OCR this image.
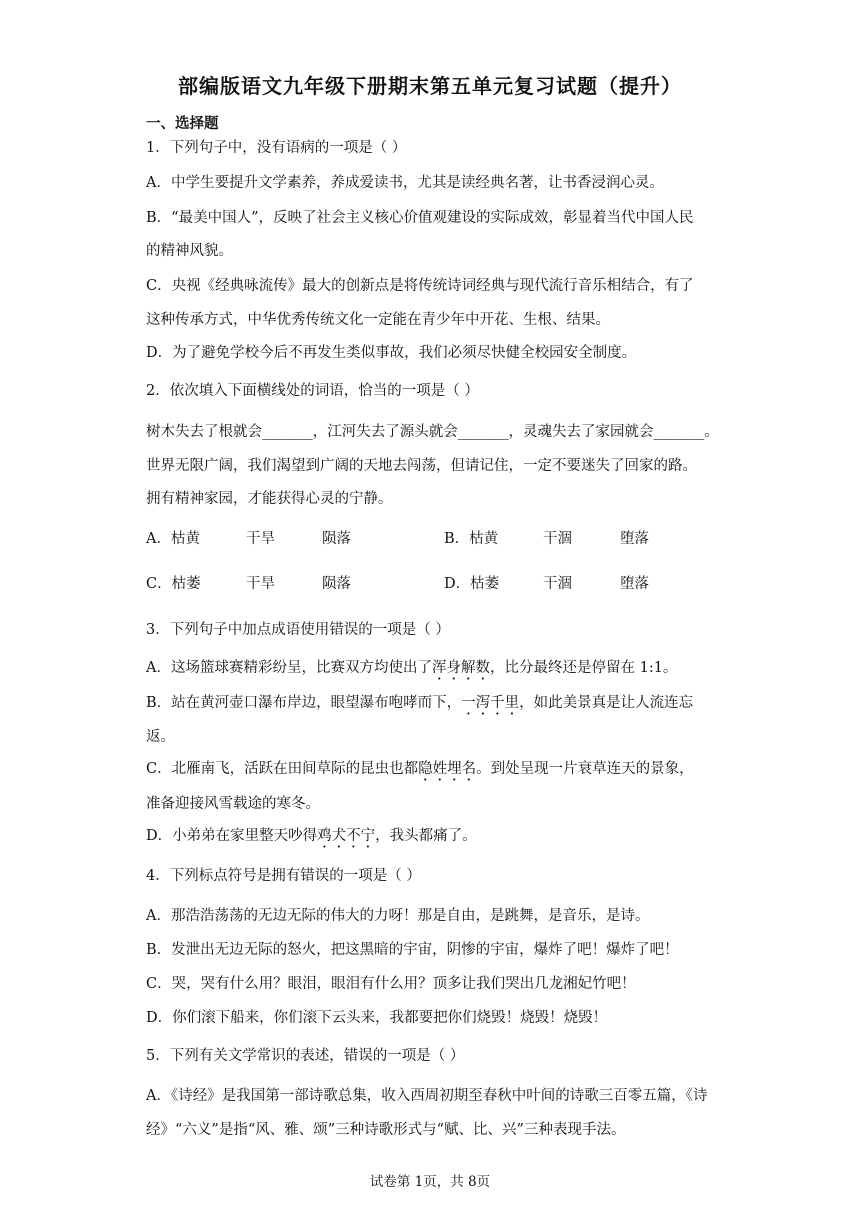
部编版语文九年级下册期末第五单元复习试题（提升）
一、选择题
1．下列句子中，没有语病的一项是（ ）
A．中学生要提升文学素养，养成爱读书，尤其是读经典名著，让书香浸润心灵。
B．“最美中国人”，反映了社会主义核心价值观建设的实际成效，彰显着当代中国人民
的精神风貌。
C．央视《经典咏流传》最大的创新点是将传统诗词经典与现代流行音乐相结合，有了
这种传承方式，中华优秀传统文化一定能在青少年中开花、生根、结果。
D．为了避免学校今后不再发生类似事故，我们必须尽快健全校园安全制度。
2．依次填入下面横线处的词语，恰当的一项是（ ）
树木失去了根就会_______，江河失去了源头就会_______，灵魂失去了家园就会_______。
世界无限广阔，我们渴望到广阔的天地去闯荡，但请记住，一定不要迷失了回家的路。
拥有精神家园，才能获得心灵的宁静。
A．枯黄	干旱	陨落	B．枯黄	干涸	堕落
C．枯萎	干旱	陨落	D．枯萎	干涸	堕落
3．下列句子中加点成语使用错误的一项是（ ）
A．这场篮球赛精彩纷呈，比赛双方均使出了浑身解数，比分最终还是停留在 1:1。
B．站在黄河壶口瀑布岸边，眼望瀑布咆哮而下，一泻千里，如此美景真是让人流连忘
返。
C．北雁南飞，活跃在田间草际的昆虫也都隐姓埋名。到处呈现一片衰草连天的景象，
准备迎接风雪载途的寒冬。
D．小弟弟在家里整天吵得鸡犬不宁，我头都痛了。
4．下列标点符号是拥有错误的一项是（ ）
A．那浩浩荡荡的无边无际的伟大的力呀！那是自由，是跳舞，是音乐，是诗。
B．发泄出无边无际的怒火，把这黑暗的宇宙，阴惨的宇宙，爆炸了吧！爆炸了吧！
C．哭，哭有什么用？眼泪，眼泪有什么用？顶多让我们哭出几龙湘妃竹吧！
D．你们滚下船来，你们滚下云头来，我都要把你们烧毁！烧毁！烧毁！
5．下列有关文学常识的表述，错误的一项是（ ）
A．《诗经》是我国第一部诗歌总集，收入西周初期至春秋中叶间的诗歌三百零五篇，《诗
经》“六义”是指“风、雅、颂”三种诗歌形式与“赋、比、兴”三种表现手法。
试卷第 1页，共 8页
